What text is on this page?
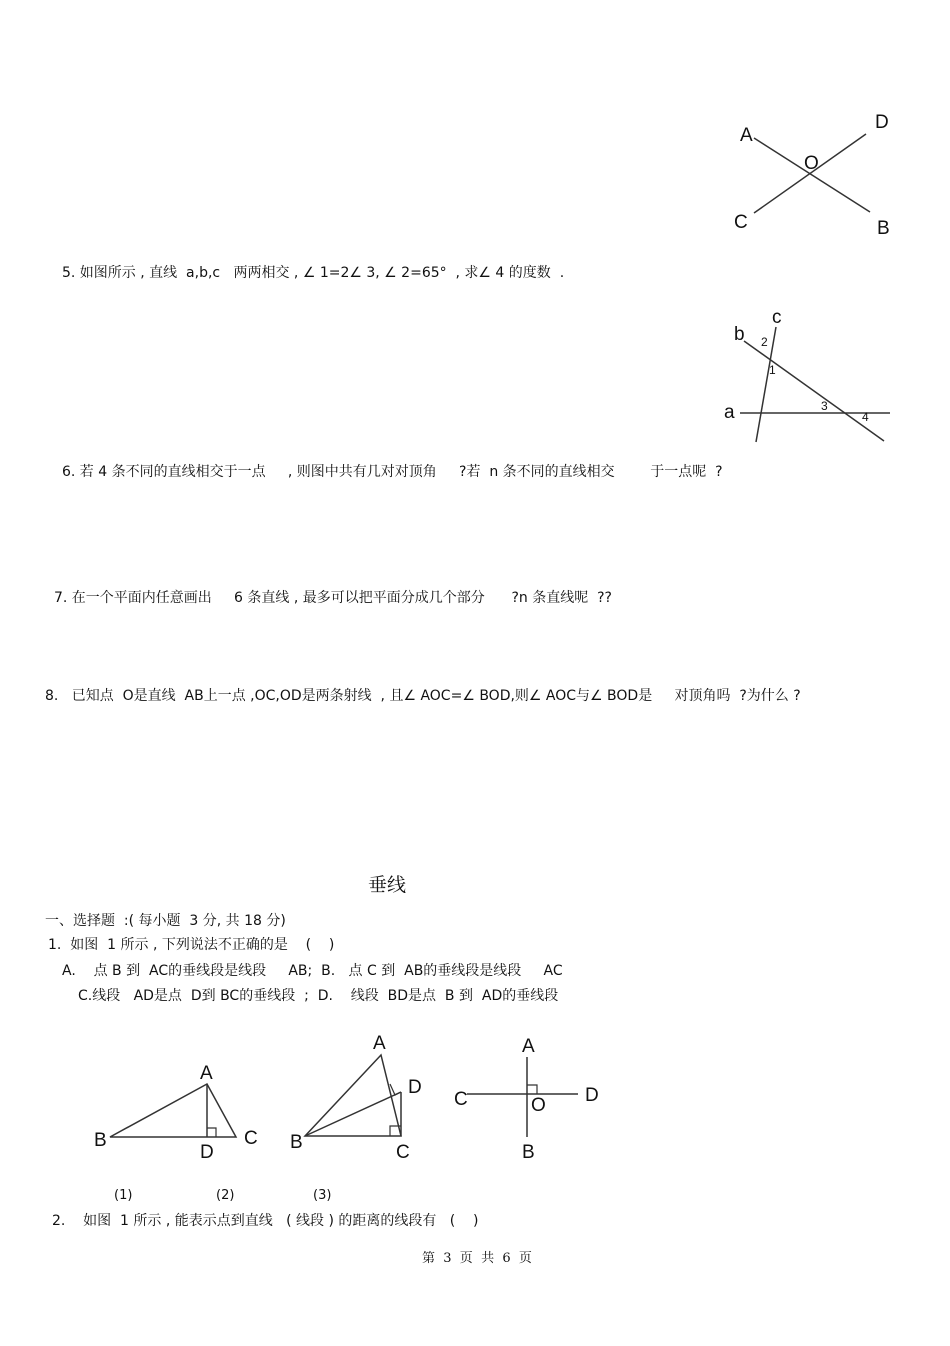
A
D
O
C	B
5. 如图所示 , 直线  a,b,c   两两相交 , ∠ 1=2∠ 3, ∠ 2=65°  , 求∠ 4 的度数  .
c
b 2
1
a	3
4
6. 若 4 条不同的直线相交于一点     , 则图中共有几对对顶角     ?若  n 条不同的直线相交        于一点呢  ?
7. 在一个平面内任意画出     6 条直线 , 最多可以把平面分成几个部分      ?n 条直线呢  ??
8.   已知点  O是直线  AB上一点 ,OC,OD是两条射线  , 且∠ AOC=∠ BOD,则∠ AOC与∠ BOD是     对顶角吗  ?为什么 ?
垂线
一、选择题  :( 每小题  3 分, 共 18 分)
1.  如图  1 所示 , 下列说法不正确的是    (    )
A.    点 B 到  AC的垂线段是线段     AB;  B.   点 C 到  AB的垂线段是线段     AC
C.线段   AD是点  D到 BC的垂线段  ;  D.    线段  BD是点  B 到  AD的垂线段
A
B
D
C
A
D
B	C
A
C	O D
B
(1)	(2)	(3)
2.    如图  1 所示 , 能表示点到直线   ( 线段 ) 的距离的线段有   (    )
第  3  页  共  6  页
